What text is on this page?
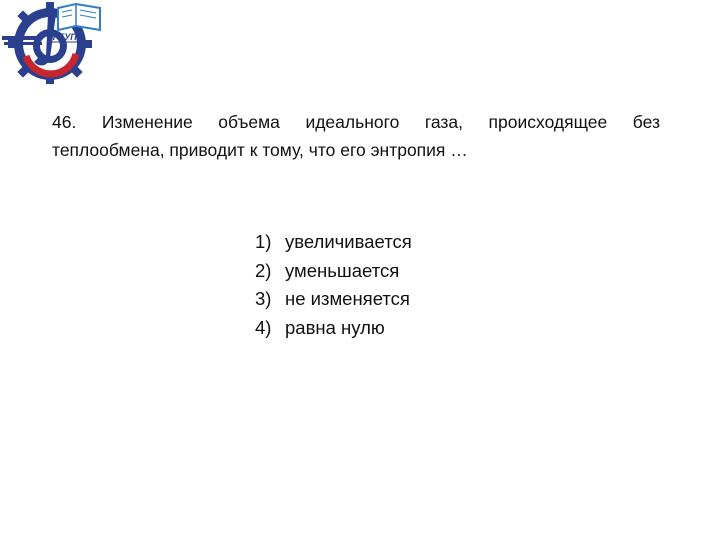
РГУПС
46. Изменение объема идеального газа, происходящее без
теплообмена, приводит к тому, что его энтропия …
1) увеличивается
2) уменьшается
3) не изменяется
4) равна нулю
